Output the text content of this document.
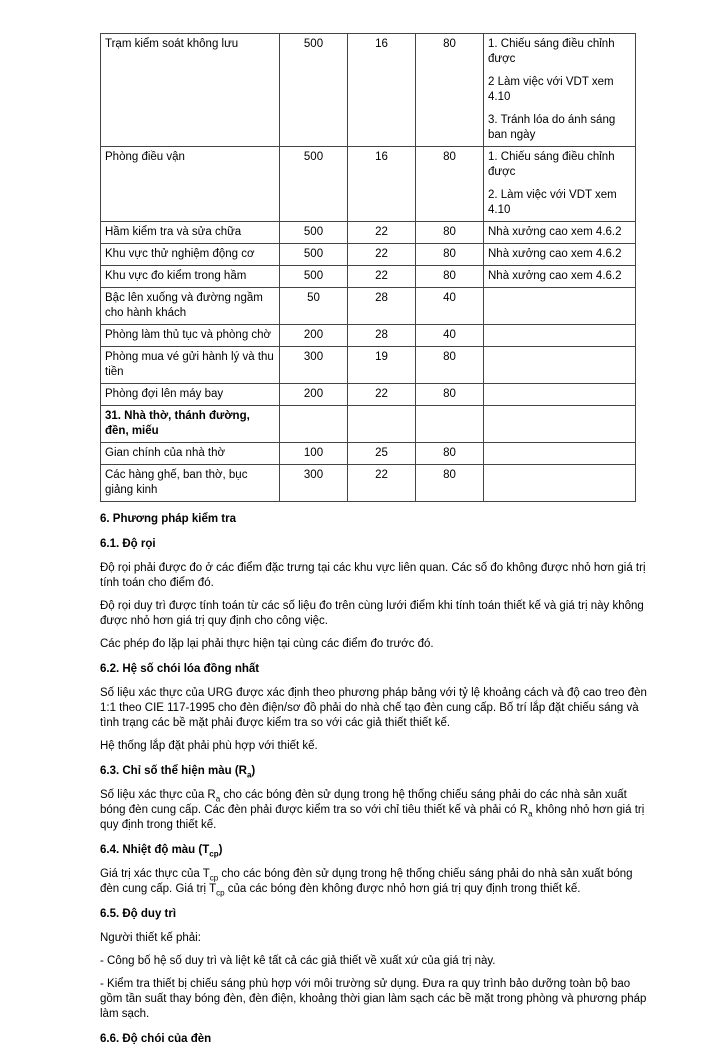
Trạm kiểm soát không lưu	500	16	80	1. Chiếu sáng điều chỉnh được
2 Làm việc với VDT xem 4.10
3. Tránh lóa do ánh sáng ban ngày

Phòng điều vận	500	16	80	1. Chiếu sáng điều chỉnh được
2. Làm việc với VDT xem 4.10

Hầm kiểm tra và sửa chữa	500	22	80	Nhà xưởng cao xem 4.6.2
Khu vực thử nghiệm động cơ	500	22	80	Nhà xưởng cao xem 4.6.2
Khu vực đo kiểm trong hầm	500	22	80	Nhà xưởng cao xem 4.6.2
Bậc lên xuống và đường ngầm cho hành khách	50	28	40	
Phòng làm thủ tục và phòng chờ	200	28	40	
Phòng mua vé gửi hành lý và thu tiền	300	19	80	
Phòng đợi lên máy bay	200	22	80	
31. Nhà thờ, thánh đường, đền, miếu				
Gian chính của nhà thờ	100	25	80	
Các hàng ghế, ban thờ, bục giảng kinh	300	22	80	
6. Phương pháp kiểm tra
6.1. Độ rọi

Độ rọi phải được đo ở các điểm đặc trưng tại các khu vực liên quan. Các số đo không được nhỏ hơn giá trị tính toán cho điểm đó.

Độ rọi duy trì được tính toán từ các số liệu đo trên cùng lưới điểm khi tính toán thiết kế và giá trị này không được nhỏ hơn giá trị quy định cho công việc.

Các phép đo lặp lại phải thực hiện tại cùng các điểm đo trước đó.

6.2. Hệ số chói lóa đồng nhất

Số liệu xác thực của URG được xác định theo phương pháp bảng với tỷ lệ khoảng cách và độ cao treo đèn 1:1 theo CIE 117-1995 cho đèn điện/sơ đồ phải do nhà chế tạo đèn cung cấp. Bố trí lắp đặt chiếu sáng và tình trạng các bề mặt phải được kiểm tra so với các giả thiết thiết kế.

Hệ thống lắp đặt phải phù hợp với thiết kế.

6.3. Chỉ số thể hiện màu $(R_a)$

Số liệu xác thực của $R_a$ cho các bóng đèn sử dụng trong hệ thống chiếu sáng phải do các nhà sản xuất bóng đèn cung cấp. Các đèn phải được kiểm tra so với chỉ tiêu thiết kế và phải có $R_a$ không nhỏ hơn giá trị quy định trong thiết kế.

6.4. Nhiệt độ màu $(T_{cp})$

Giá trị xác thực của $T_{cp}$ cho các bóng đèn sử dụng trong hệ thống chiếu sáng phải do nhà sản xuất bóng đèn cung cấp. Giá trị $T_{cp}$ của các bóng đèn không được nhỏ hơn giá trị quy định trong thiết kế.

6.5. Độ duy trì

Người thiết kế phải:

- Công bố hệ số duy trì và liệt kê tất cả các giả thiết về xuất xứ của giá trị này.

- Kiểm tra thiết bị chiếu sáng phù hợp với môi trường sử dụng. Đưa ra quy trình bảo dưỡng toàn bộ bao gồm tần suất thay bóng đèn, đèn điện, khoảng thời gian làm sạch các bề mặt trong phòng và phương pháp làm sạch.

6.6. Độ chói của đèn
